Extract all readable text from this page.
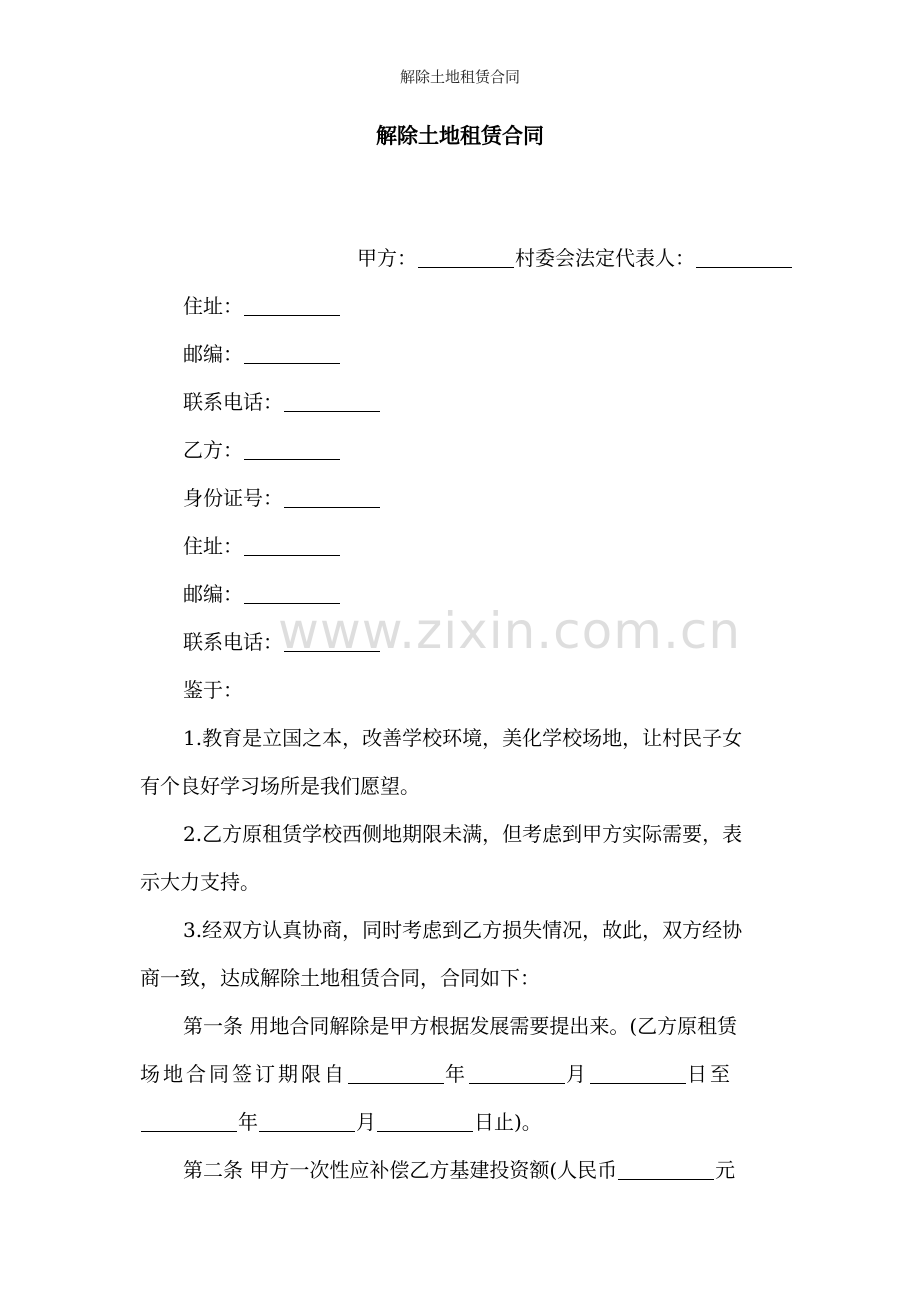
解除土地租赁合同
解除土地租赁合同
甲方：	村委会法定代表人：
住址：
邮编：
联系电话：
乙方：
身份证号：
住址：
邮编：
联系电话：
鉴于：
1.教育是立国之本，改善学校环境，美化学校场地，让村民子女
有个良好学习场所是我们愿望。
2.乙方原租赁学校西侧地期限未满，但考虑到甲方实际需要，表
示大力支持。
3.经双方认真协商，同时考虑到乙方损失情况，故此，双方经协
商一致，达成解除土地租赁合同，合同如下：
第一条 用地合同解除是甲方根据发展需要提出来。(乙方原租赁
场地合同签订期限自	年	月	日至
年	月	日止)。
第二条 甲方一次性应补偿乙方基建投资额(人民币	元
www.zixin.com.cn
